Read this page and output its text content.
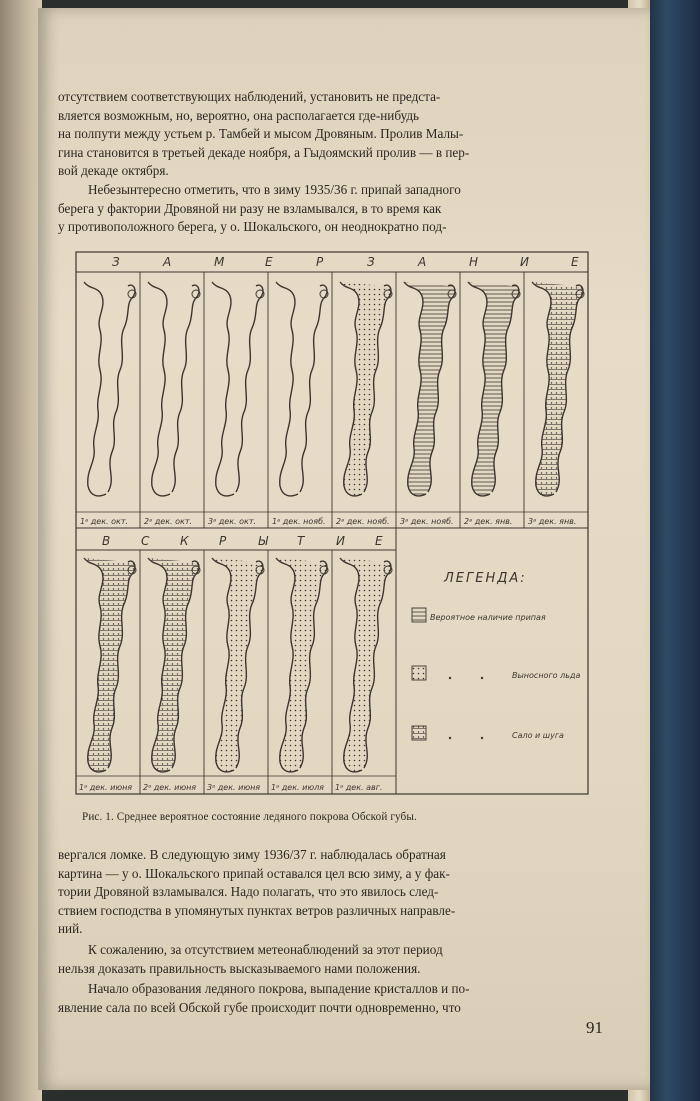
отсутствием соответствующих наблюдений, установить не предста-

вляется возможным, но, вероятно, она располагается где-нибудь

на полпути между устьем р. Тамбей и мысом Дровяным. Пролив Малы-

гина становится в третьей декаде ноября, а Гыдоямский пролив — в пер-

вой декаде октября.

Небезынтересно отметить, что в зиму 1935/36 г. припай западного

берега у фактории Дровяной ни разу не взламывался, в то время как

у противоположного берега, у о. Шокальского, он неоднократно под-

З	А	М	Е	Р	З	А	Н	И	Е
1ᵃ дек. окт. 2ᵃ дек. окт. 3ᵃ дек. окт. 1ᵃ дек. нояб. 2ᵃ дек. нояб. 3ᵃ дек. нояб. 2ᵃ дек. янв. 3ᵃ дек. янв.
В	С	К	Р	Ы Т	И	Е
1ᵃ дек. июня 2ᵃ дек. июня 3ᵃ дек. июня 1ᵃ дек. июля 1ᵃ дек. авг.
ЛЕГЕНДА:
Вероятное наличие припая
Выносного льда
Сало и шуга
Рис. 1. Среднее вероятное состояние ледяного покрова Обской губы.

вергался ломке. В следующую зиму 1936/37 г. наблюдалась обратная

картина — у о. Шокальского припай оставался цел всю зиму, а у фак-

тории Дровяной взламывался. Надо полагать, что это явилось след-

ствием господства в упомянутых пунктах ветров различных направле-

ний.

К сожалению, за отсутствием метеонаблюдений за этот период

нельзя доказать правильность высказываемого нами положения.

Начало образования ледяного покрова, выпадение кристаллов и по-

явление сала по всей Обской губе происходит почти одновременно, что

91
